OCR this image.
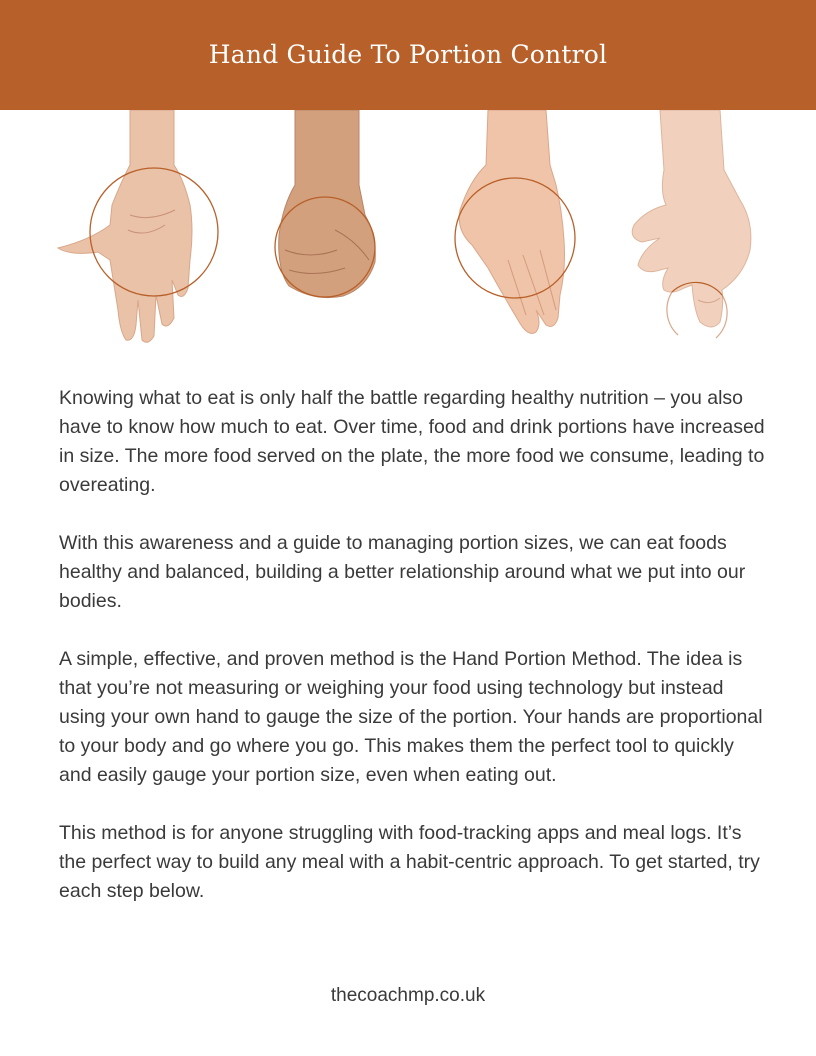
Hand Guide To Portion Control

Knowing what to eat is only half the battle regarding healthy nutrition – you also have to know how much to eat. Over time, food and drink portions have increased in size. The more food served on the plate, the more food we consume, leading to overeating.

With this awareness and a guide to managing portion sizes, we can eat foods healthy and balanced, building a better relationship around what we put into our bodies.

A simple, effective, and proven method is the Hand Portion Method. The idea is that you’re not measuring or weighing your food using technology but instead using your own hand to gauge the size of the portion. Your hands are proportional to your body and go where you go. This makes them the perfect tool to quickly and easily gauge your portion size, even when eating out.

This method is for anyone struggling with food-tracking apps and meal logs. It’s the perfect way to build any meal with a habit-centric approach. To get started, try each step below.

thecoachmp.co.uk
